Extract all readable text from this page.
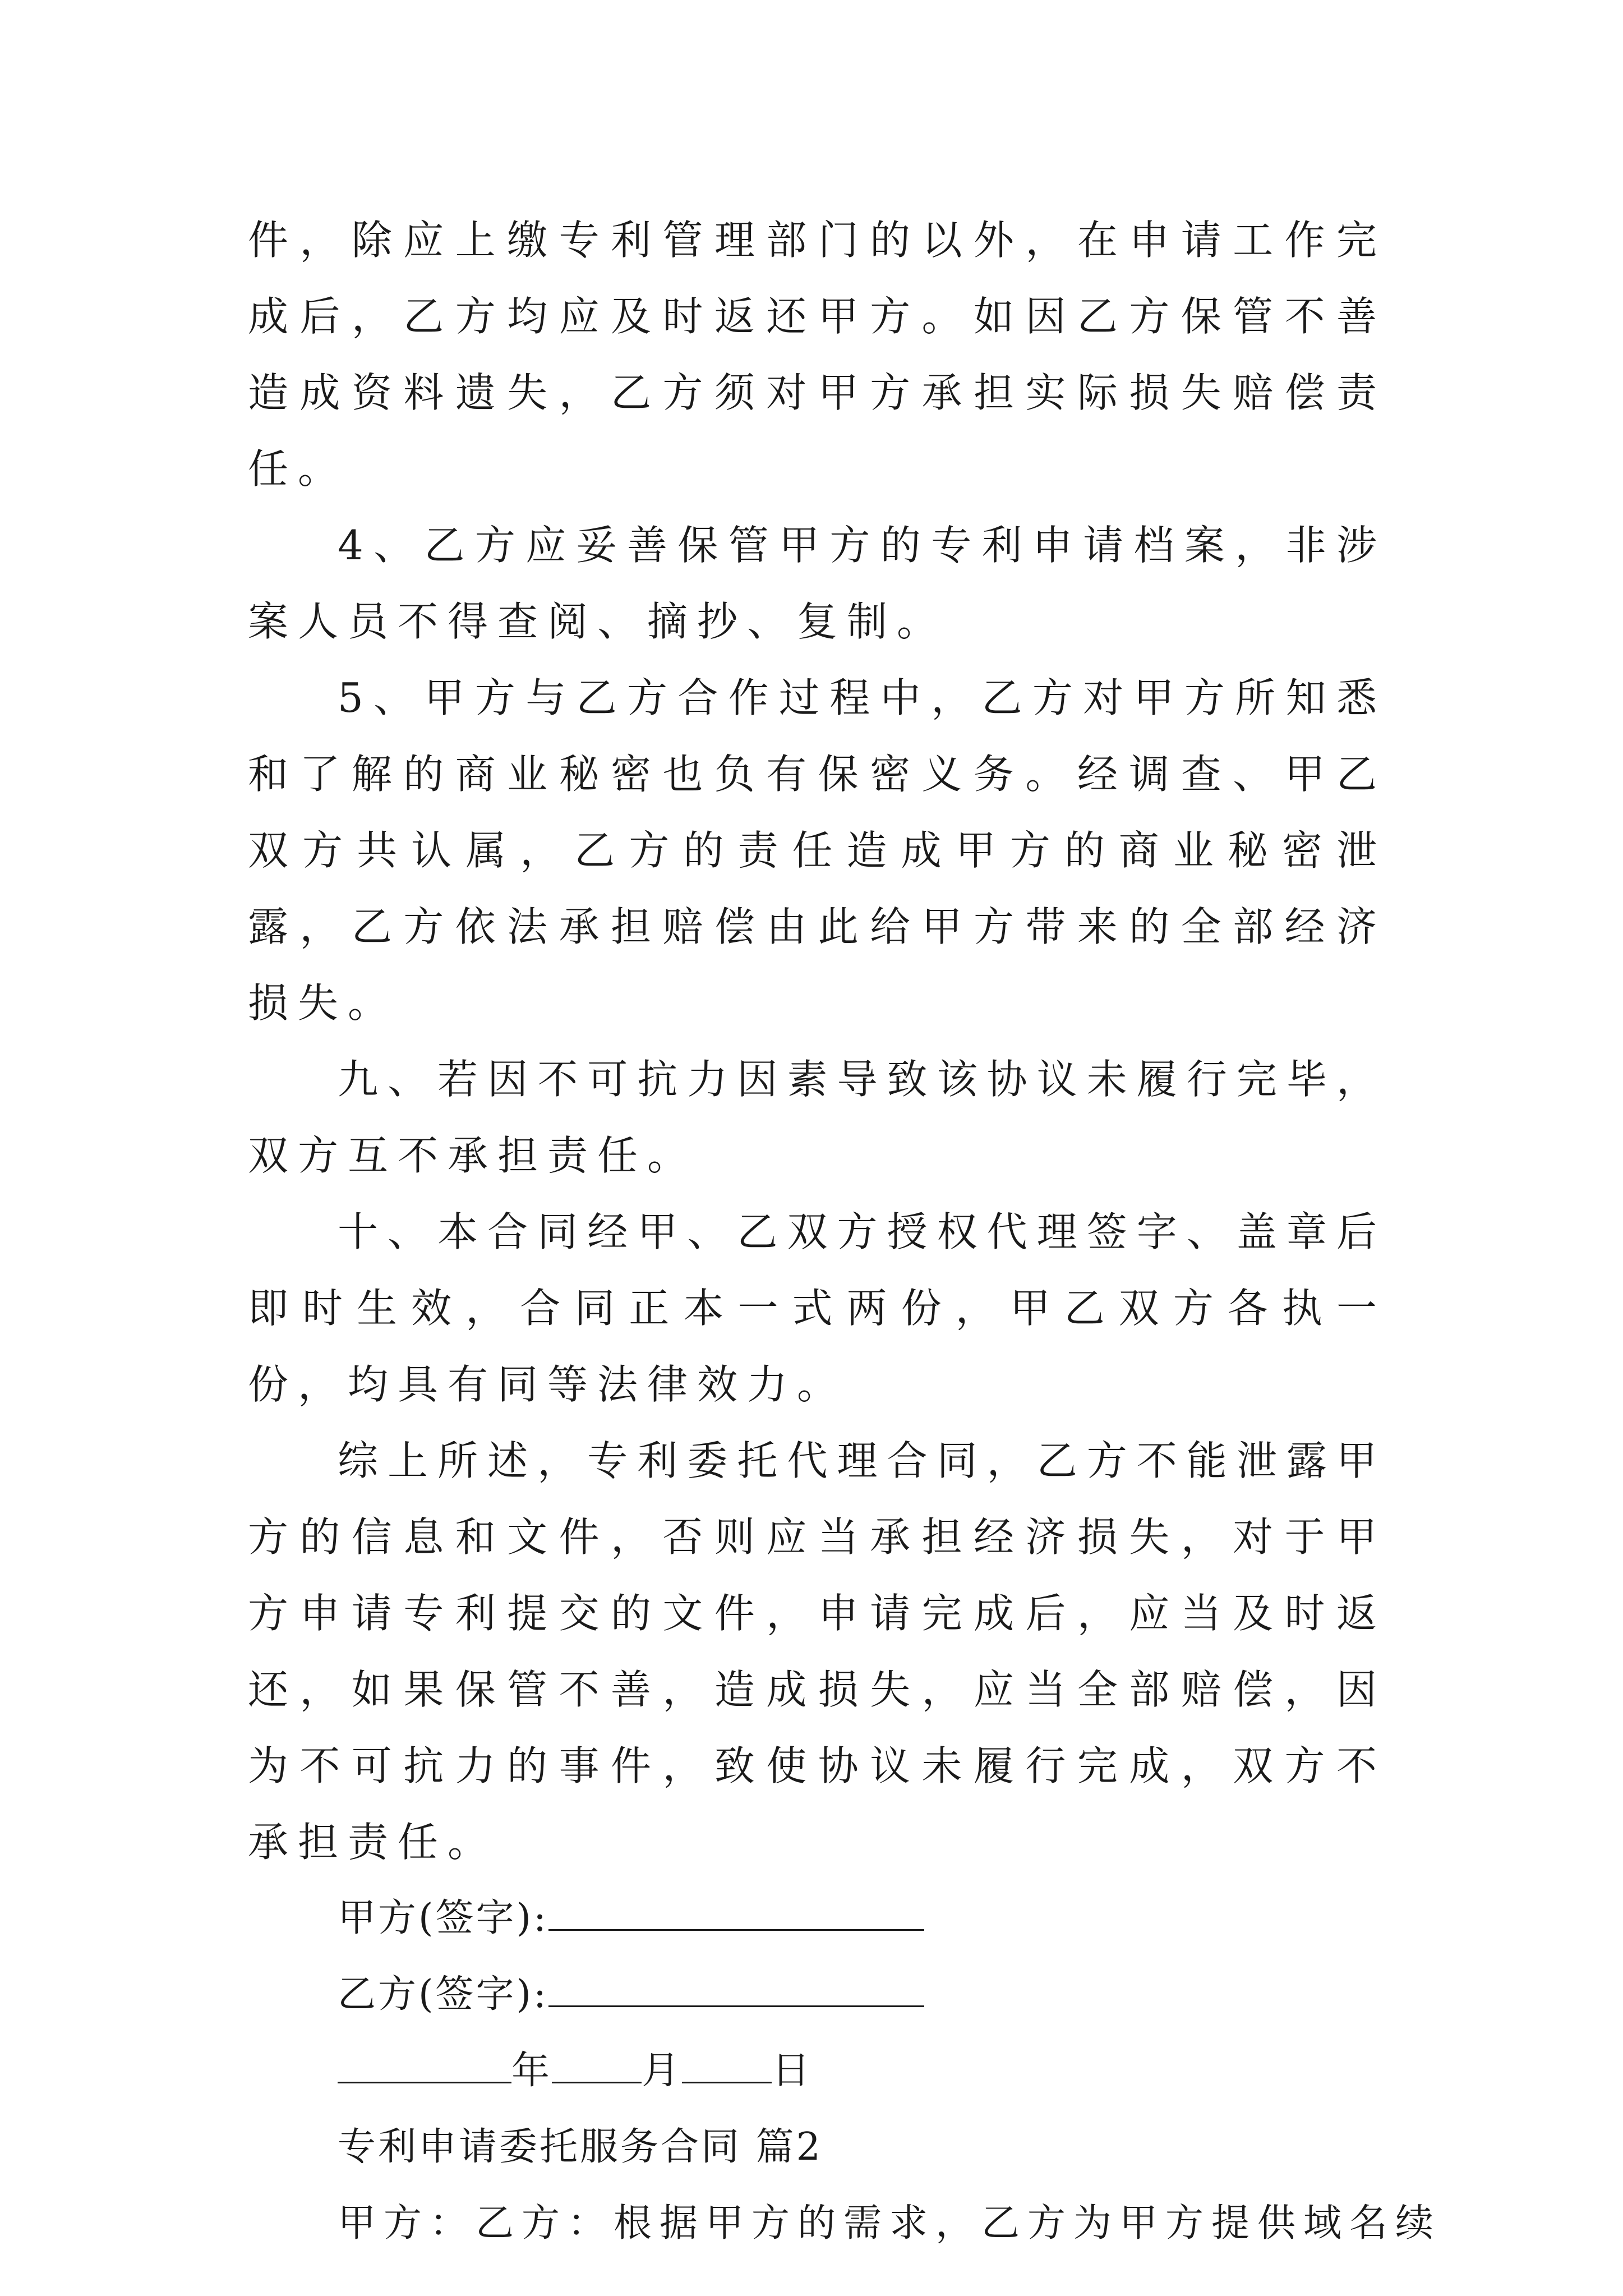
件，除应上缴专利管理部门的以外，在申请工作完成后，乙方均应及时返还甲方。如因乙方保管不善造成资料遗失，乙方须对甲方承担实际损失赔偿责任。

4、乙方应妥善保管甲方的专利申请档案，非涉案人员不得查阅、摘抄、复制。

5、甲方与乙方合作过程中，乙方对甲方所知悉和了解的商业秘密也负有保密义务。经调查、甲乙双方共认属，乙方的责任造成甲方的商业秘密泄露，乙方依法承担赔偿由此给甲方带来的全部经济损失。

九、若因不可抗力因素导致该协议未履行完毕，双方互不承担责任。

十、本合同经甲、乙双方授权代理签字、盖章后即时生效，合同正本一式两份，甲乙双方各执一份，均具有同等法律效力。

综上所述，专利委托代理合同，乙方不能泄露甲方的信息和文件，否则应当承担经济损失，对于甲方申请专利提交的文件，申请完成后，应当及时返还，如果保管不善，造成损失，应当全部赔偿，因为不可抗力的事件，致使协议未履行完成，双方不承担责任。

甲方(签字):

乙方(签字):

年 月 日

专利申请委托服务合同 篇2

甲方：乙方：根据甲方的需求，乙方为甲方提供域名续
